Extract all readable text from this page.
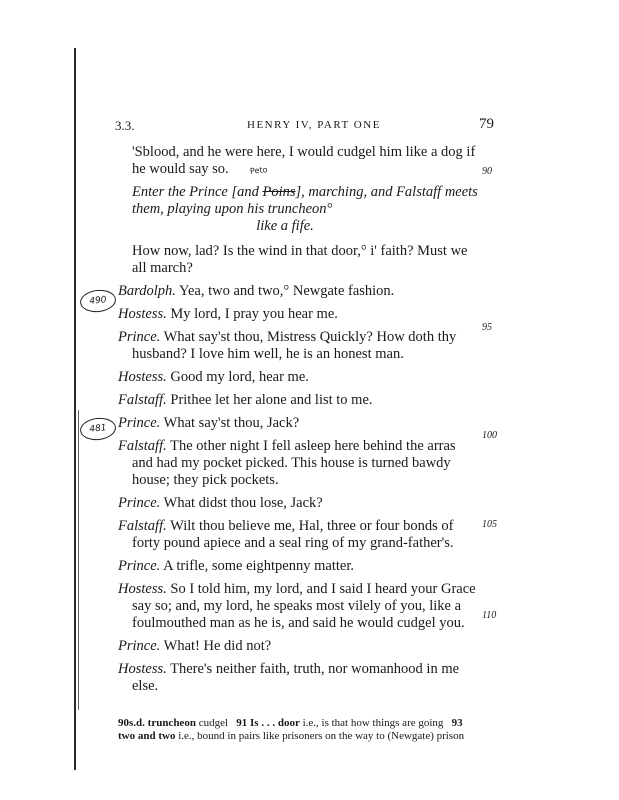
3.3.	HENRY IV, PART ONE	79
Peto
490
481
90
95
100
105
110

'Sblood, and he were here, I would cudgel him like a dog if he would say so.

Enter the Prince [and Poins], marching, and Falstaff meets them, playing upon his truncheon°
like a fife.

How now, lad? Is the wind in that door,° i' faith? Must we all march?

Bardolph. Yea, two and two,° Newgate fashion.

Hostess. My lord, I pray you hear me.

Prince. What say'st thou, Mistress Quickly? How doth thy husband? I love him well, he is an honest man.

Hostess. Good my lord, hear me.

Falstaff. Prithee let her alone and list to me.

Prince. What say'st thou, Jack?

Falstaff. The other night I fell asleep here behind the arras and had my pocket picked. This house is turned bawdy house; they pick pockets.

Prince. What didst thou lose, Jack?

Falstaff. Wilt thou believe me, Hal, three or four bonds of forty pound apiece and a seal ring of my grand-father's.

Prince. A trifle, some eightpenny matter.

Hostess. So I told him, my lord, and I said I heard your Grace say so; and, my lord, he speaks most vilely of you, like a foulmouthed man as he is, and said he would cudgel you.

Prince. What! He did not?

Hostess. There's neither faith, truth, nor womanhood in me else.

90s.d. truncheon cudgel 91 Is . . . door i.e., is that how things are going 93 two and two i.e., bound in pairs like prisoners on the way to (Newgate) prison
